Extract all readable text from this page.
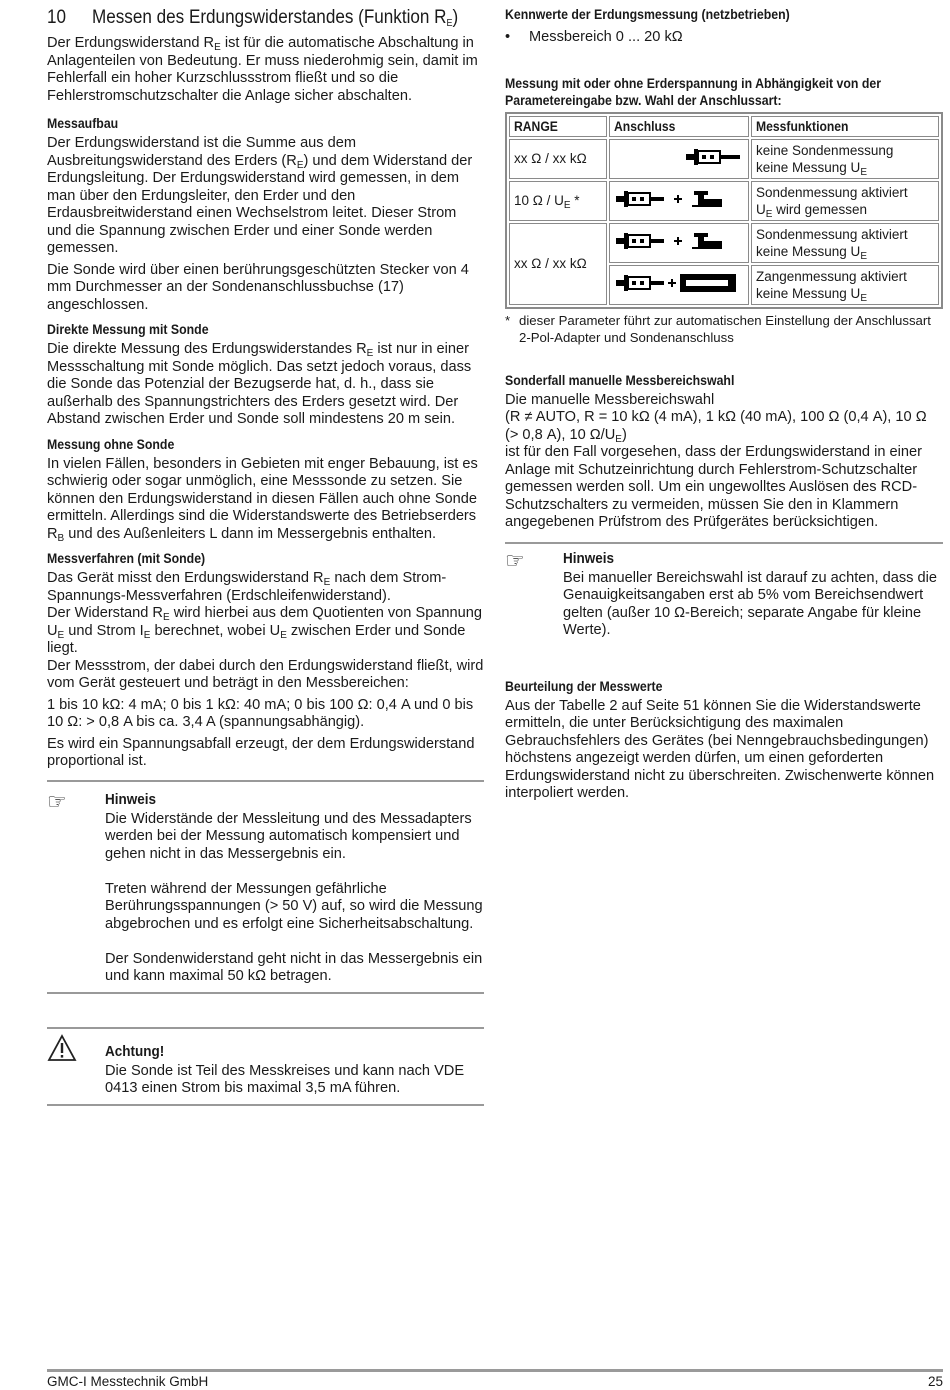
10 Messen des Erdungswiderstandes (Funktion $R_E$)

Der Erdungswiderstand $R_E$ ist für die automatische Abschaltung in Anlagenteilen von Bedeutung. Er muss niederohmig sein, damit im Fehlerfall ein hoher Kurzschlussstrom fließt und so die Fehlerstromschutzschalter die Anlage sicher abschalten.

Messaufbau

Der Erdungswiderstand ist die Summe aus dem Ausbreitungswiderstand des Erders $(R_E)$ und dem Widerstand der Erdungsleitung. Der Erdungswiderstand wird gemessen, in dem man über den Erdungsleiter, den Erder und den Erdausbreitwiderstand einen Wechselstrom leitet. Dieser Strom und die Spannung zwischen Erder und einer Sonde werden gemessen.

Die Sonde wird über einen berührungsgeschützten Stecker von 4 mm Durchmesser an der Sondenanschlussbuchse (17) angeschlossen.

Direkte Messung mit Sonde

Die direkte Messung des Erdungswiderstandes $R_E$ ist nur in einer Messschaltung mit Sonde möglich. Das setzt jedoch voraus, dass die Sonde das Potenzial der Bezugserde hat, d. h., dass sie außerhalb des Spannungstrichters des Erders gesetzt wird. Der Abstand zwischen Erder und Sonde soll mindestens 20 m sein.

Messung ohne Sonde

In vielen Fällen, besonders in Gebieten mit enger Bebauung, ist es schwierig oder sogar unmöglich, eine Messsonde zu setzen. Sie können den Erdungswiderstand in diesen Fällen auch ohne Sonde ermitteln. Allerdings sind die Widerstandswerte des Betriebserders $R_B$ und des Außenleiters L dann im Messergebnis enthalten.

Messverfahren (mit Sonde)

Das Gerät misst den Erdungswiderstand $R_E$ nach dem Strom-Spannungs-Messverfahren (Erdschleifenwiderstand).

Der Widerstand $R_E$ wird hierbei aus dem Quotienten von Spannung $U_E$ und Strom $I_E$ berechnet, wobei $U_E$ zwischen Erder und Sonde liegt.

Der Messstrom, der dabei durch den Erdungswiderstand fließt, wird vom Gerät gesteuert und beträgt in den Messbereichen:

1 bis 10 kΩ: 4 mA; 0 bis 1 kΩ: 40 mA; 0 bis 100 Ω: 0,4 A und 0 bis 10 Ω: > 0,8 A bis ca. 3,4 A (spannungsabhängig).

Es wird ein Spannungsabfall erzeugt, der dem Erdungswiderstand proportional ist.

☞	Hinweis

Die Widerstände der Messleitung und des Messadapters werden bei der Messung automatisch kompensiert und gehen nicht in das Messergebnis ein.

Treten während der Messungen gefährliche Berührungsspannungen (> 50 V) auf, so wird die Messung abgebrochen und es erfolgt eine Sicherheitsabschaltung.

Der Sondenwiderstand geht nicht in das Messergebnis ein und kann maximal 50 kΩ betragen.

Achtung!

Die Sonde ist Teil des Messkreises und kann nach VDE 0413 einen Strom bis maximal 3,5 mA führen.

Kennwerte der Erdungsmessung (netzbetrieben)

• Messbereich 0 ... 20 kΩ

Messung mit oder ohne Erderspannung in Abhängigkeit von der Parametereingabe bzw. Wahl der Anschlussart:
RANGE	Anschluss	Messfunktionen
xx Ω / xx kΩ		keine Sondenmessung
keine Messung $U_E$

10 Ω / $U_E$ *		Sondenmessung aktiviert
$U_E$ wird gemessen

xx Ω / xx kΩ		Sondenmessung aktiviert
keine Messung $U_E$

Zangenmessung aktiviert
keine Messung $U_E$
* dieser Parameter führt zur automatischen Einstellung der Anschlussart 2-Pol-Adapter und Sondenanschluss
Sonderfall manuelle Messbereichswahl

Die manuelle Messbereichswahl

(R ≠ AUTO, R = 10 kΩ (4 mA), 1 kΩ (40 mA), 100 Ω (0,4 A), 10 Ω (> 0,8 A), 10 $\Omega/U_E$)

ist für den Fall vorgesehen, dass der Erdungswiderstand in einer Anlage mit Schutzeinrichtung durch Fehlerstrom-Schutzschalter gemessen werden soll. Um ein ungewolltes Auslösen des RCD-Schutzschalters zu vermeiden, müssen Sie den in Klammern angegebenen Prüfstrom des Prüfgerätes berücksichtigen.

☞	Hinweis

Bei manueller Bereichswahl ist darauf zu achten, dass die Genauigkeitsangaben erst ab 5% vom Bereichsendwert gelten (außer 10 Ω-Bereich; separate Angabe für kleine Werte).

Beurteilung der Messwerte

Aus der Tabelle 2 auf Seite 51 können Sie die Widerstandswerte ermitteln, die unter Berücksichtigung des maximalen Gebrauchsfehlers des Gerätes (bei Nenngebrauchsbedingungen) höchstens angezeigt werden dürfen, um einen geforderten Erdungswiderstand nicht zu überschreiten. Zwischenwerte können interpoliert werden.

GMC-I Messtechnik GmbH	25
